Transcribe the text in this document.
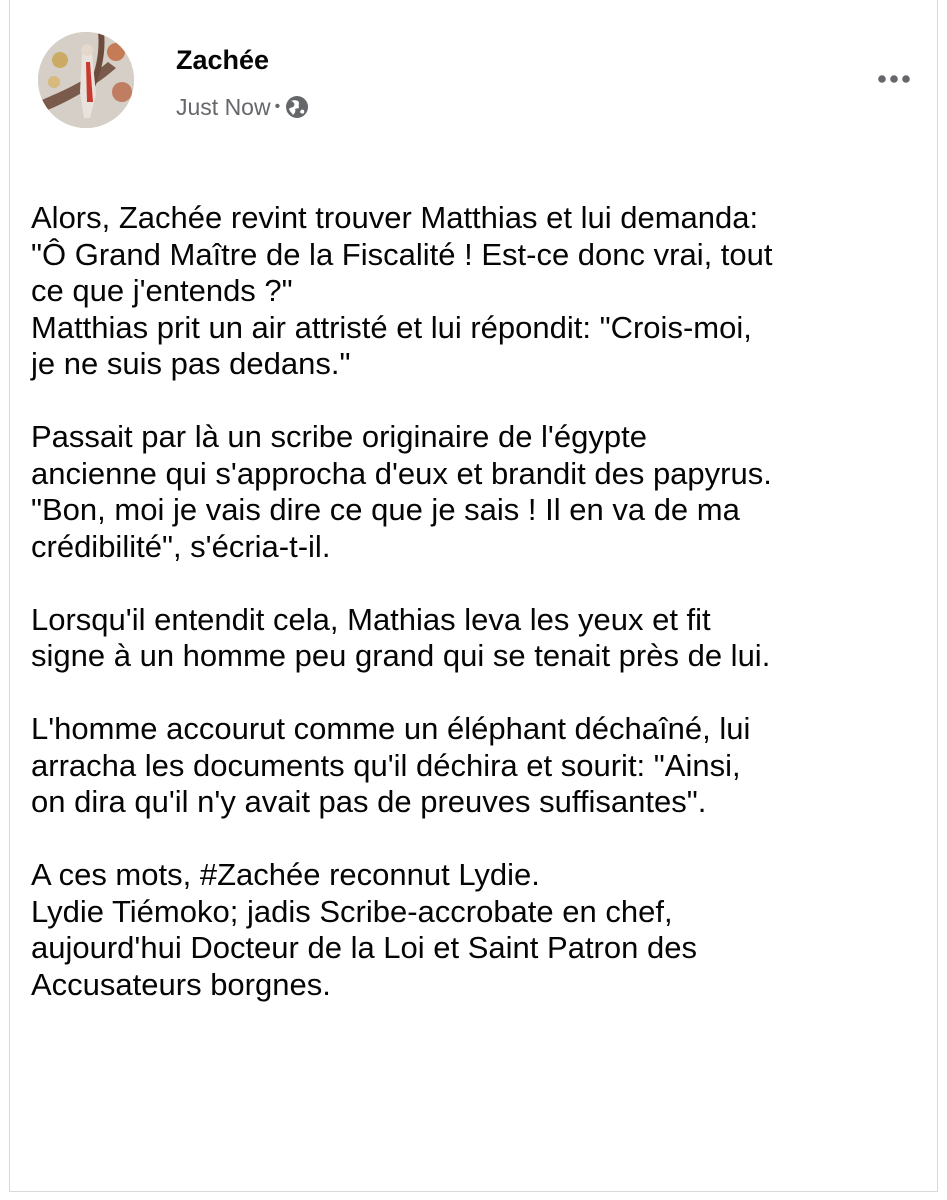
Zachée
Just Now •
Alors, Zachée revint trouver Matthias et lui demanda:
"Ô Grand Maître de la Fiscalité ! Est-ce donc vrai, tout
ce que j'entends ?"
Matthias prit un air attristé et lui répondit: "Crois-moi,
je ne suis pas dedans."
Passait par là un scribe originaire de l'égypte
ancienne qui s'approcha d'eux et brandit des papyrus.
"Bon, moi je vais dire ce que je sais ! Il en va de ma
crédibilité", s'écria-t-il.
Lorsqu'il entendit cela, Mathias leva les yeux et fit
signe à un homme peu grand qui se tenait près de lui.
L'homme accourut comme un éléphant déchaîné, lui
arracha les documents qu'il déchira et sourit: "Ainsi,
on dira qu'il n'y avait pas de preuves suffisantes".
A ces mots, #Zachée reconnut Lydie.
Lydie Tiémoko; jadis Scribe-accrobate en chef,
aujourd'hui Docteur de la Loi et Saint Patron des
Accusateurs borgnes.
